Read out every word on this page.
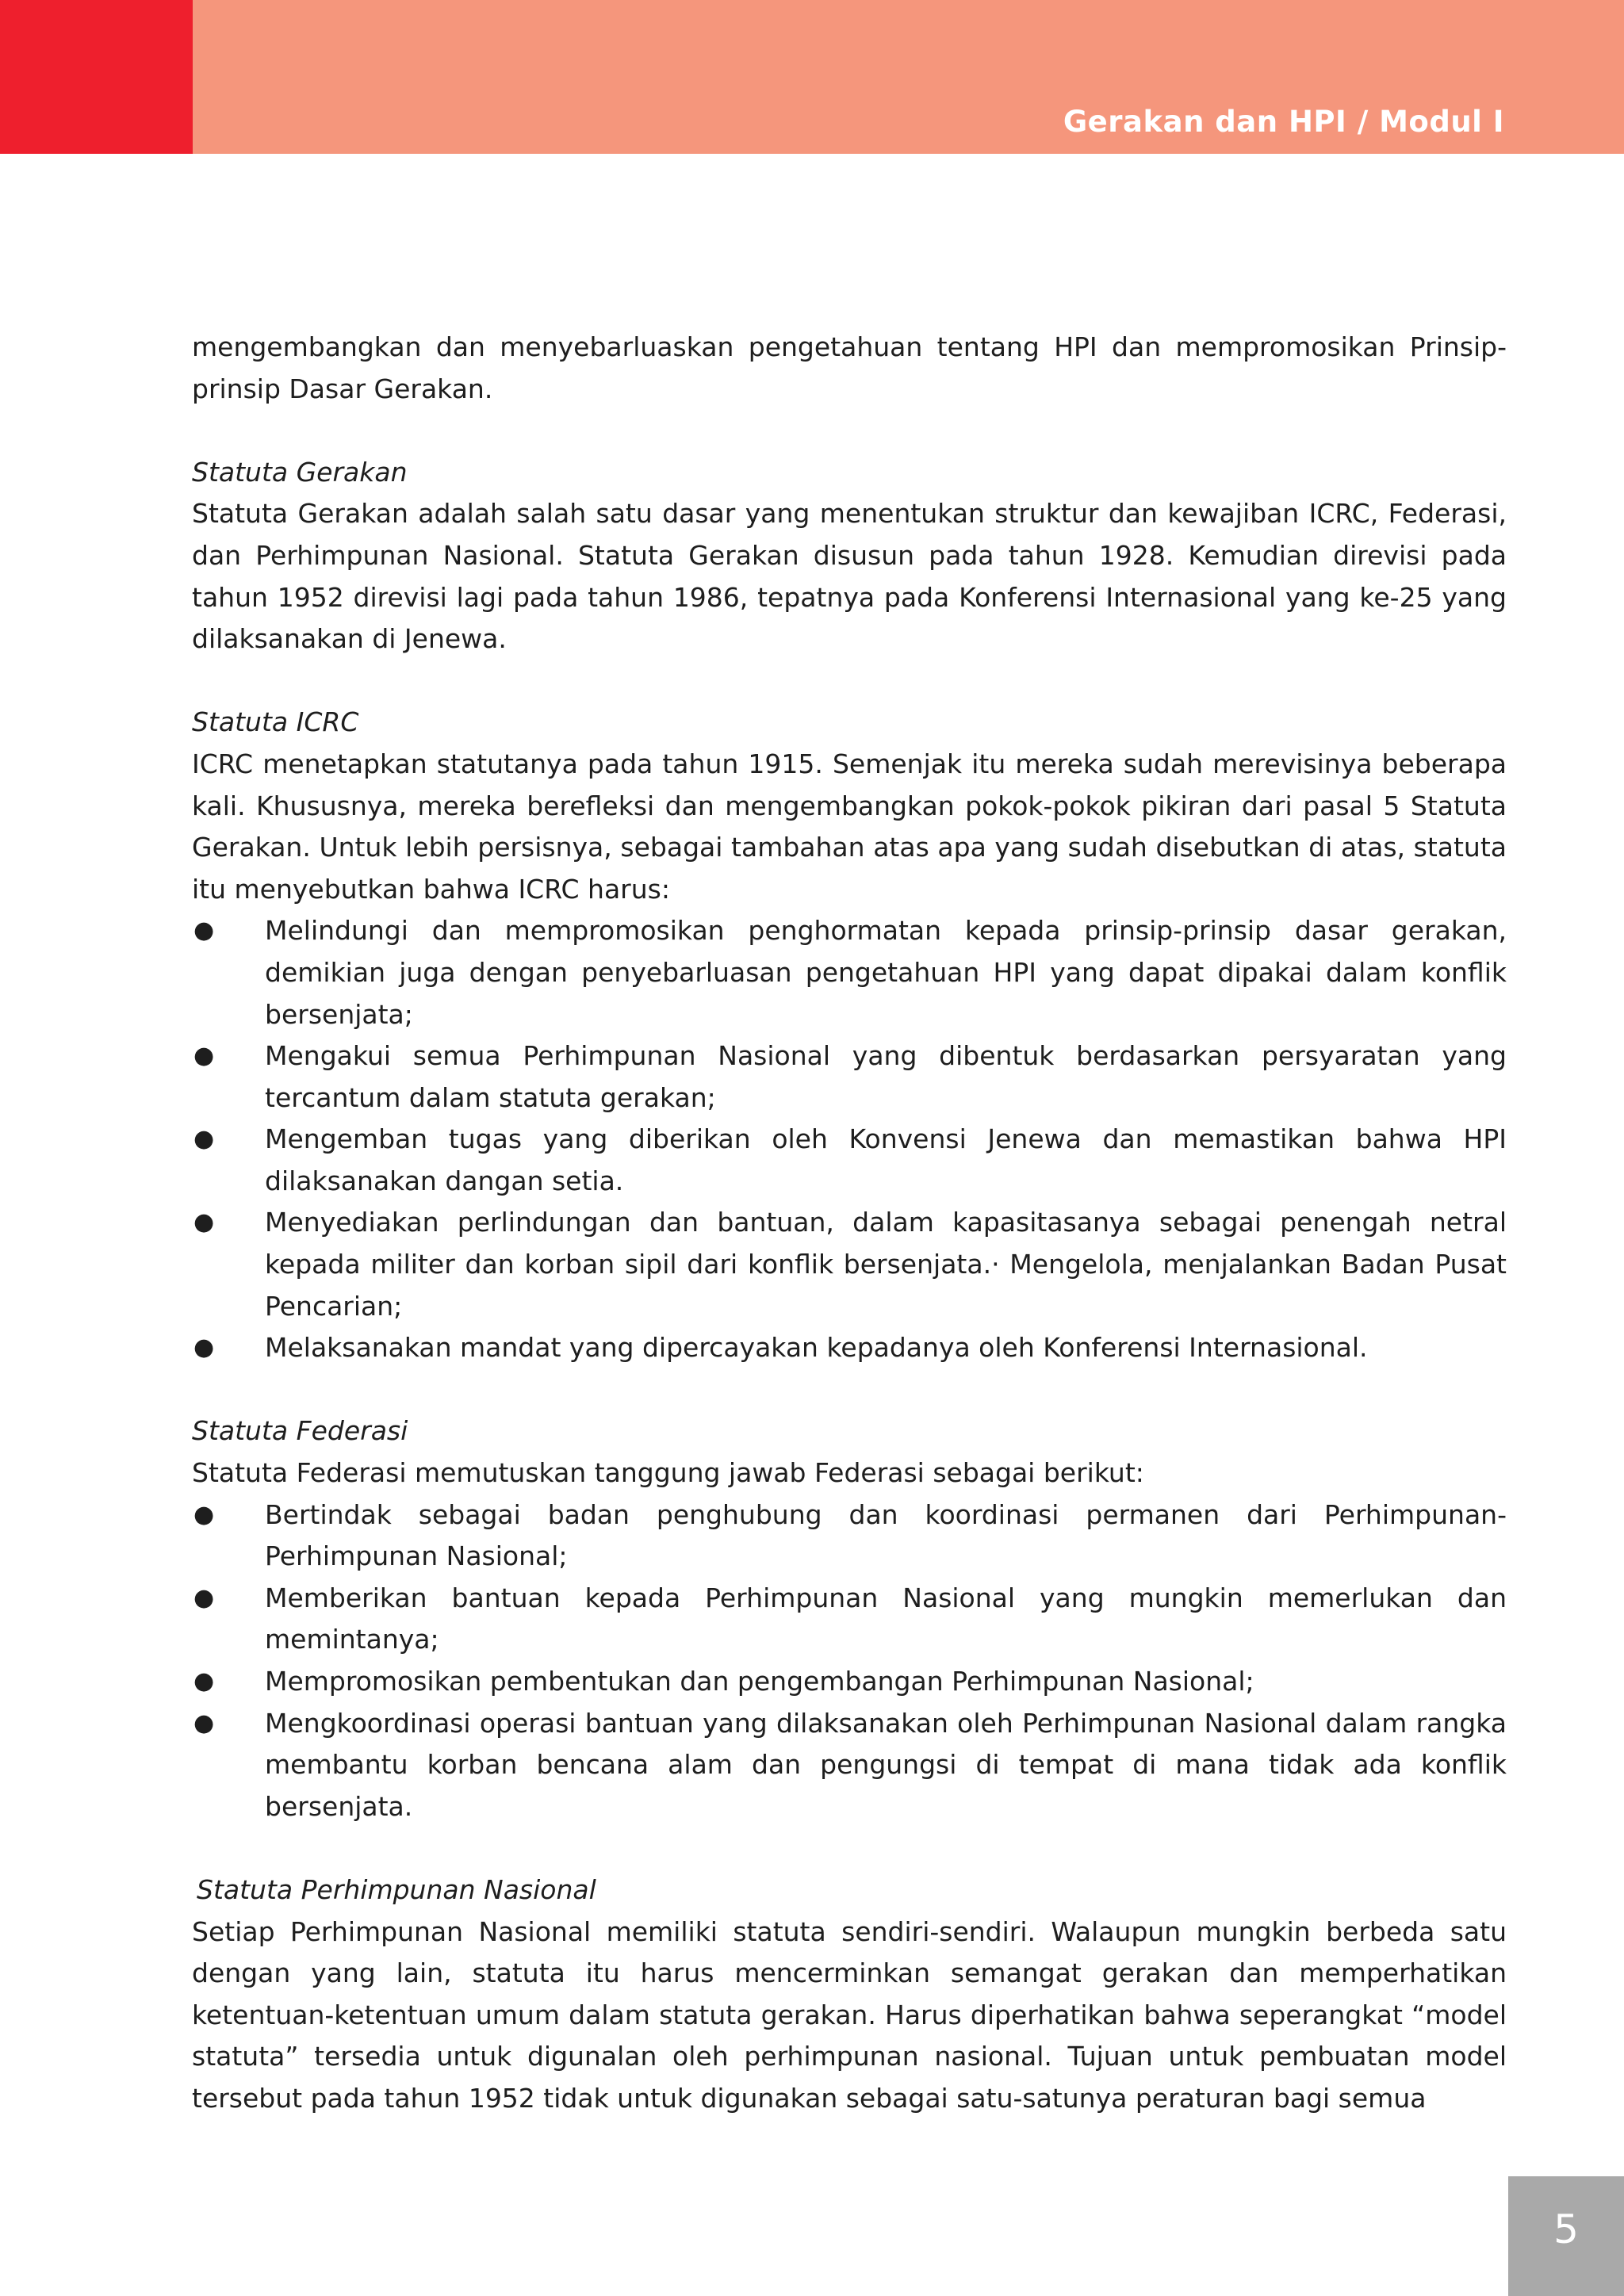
Gerakan dan HPI / Modul I

mengembangkan dan menyebarluaskan pengetahuan tentang HPI dan mempromosikan Prinsip-prinsip Dasar Gerakan.

Statuta Gerakan

Statuta Gerakan adalah salah satu dasar yang menentukan struktur dan kewajiban ICRC, Federasi, dan Perhimpunan Nasional. Statuta Gerakan disusun pada tahun 1928. Kemudian direvisi pada tahun 1952 direvisi lagi pada tahun 1986, tepatnya pada Konferensi Internasional yang ke-25 yang dilaksanakan di Jenewa.

Statuta ICRC

ICRC menetapkan statutanya pada tahun 1915. Semenjak itu mereka sudah merevisinya beberapa kali. Khususnya, mereka berefleksi dan mengembangkan pokok-pokok pikiran dari pasal 5 Statuta Gerakan. Untuk lebih persisnya, sebagai tambahan atas apa yang sudah disebutkan di atas, statuta itu menyebutkan bahwa ICRC harus:

● Melindungi dan mempromosikan penghormatan kepada prinsip-prinsip dasar gerakan, demikian juga dengan penyebarluasan pengetahuan HPI yang dapat dipakai dalam konflik bersenjata;
● Mengakui semua Perhimpunan Nasional yang dibentuk berdasarkan persyaratan yang tercantum dalam statuta gerakan;
● Mengemban tugas yang diberikan oleh Konvensi Jenewa dan memastikan bahwa HPI dilaksanakan dangan setia.
● Menyediakan perlindungan dan bantuan, dalam kapasitasanya sebagai penengah netral kepada militer dan korban sipil dari konflik bersenjata.· Mengelola, menjalankan Badan Pusat Pencarian;
● Melaksanakan mandat yang dipercayakan kepadanya oleh Konferensi Internasional.

Statuta Federasi

Statuta Federasi memutuskan tanggung jawab Federasi sebagai berikut:

● Bertindak sebagai badan penghubung dan koordinasi permanen dari Perhimpunan-Perhimpunan Nasional;
● Memberikan bantuan kepada Perhimpunan Nasional yang mungkin memerlukan dan memintanya;
● Mempromosikan pembentukan dan pengembangan Perhimpunan Nasional;
● Mengkoordinasi operasi bantuan yang dilaksanakan oleh Perhimpunan Nasional dalam rangka membantu korban bencana alam dan pengungsi di tempat di mana tidak ada konflik bersenjata.

Statuta Perhimpunan Nasional

Setiap Perhimpunan Nasional memiliki statuta sendiri-sendiri. Walaupun mungkin berbeda satu dengan yang lain, statuta itu harus mencerminkan semangat gerakan dan memperhatikan ketentuan-ketentuan umum dalam statuta gerakan. Harus diperhatikan bahwa seperangkat “model statuta” tersedia untuk digunalan oleh perhimpunan nasional. Tujuan untuk pembuatan model tersebut pada tahun 1952 tidak untuk digunakan sebagai satu-satunya peraturan bagi semua

5
